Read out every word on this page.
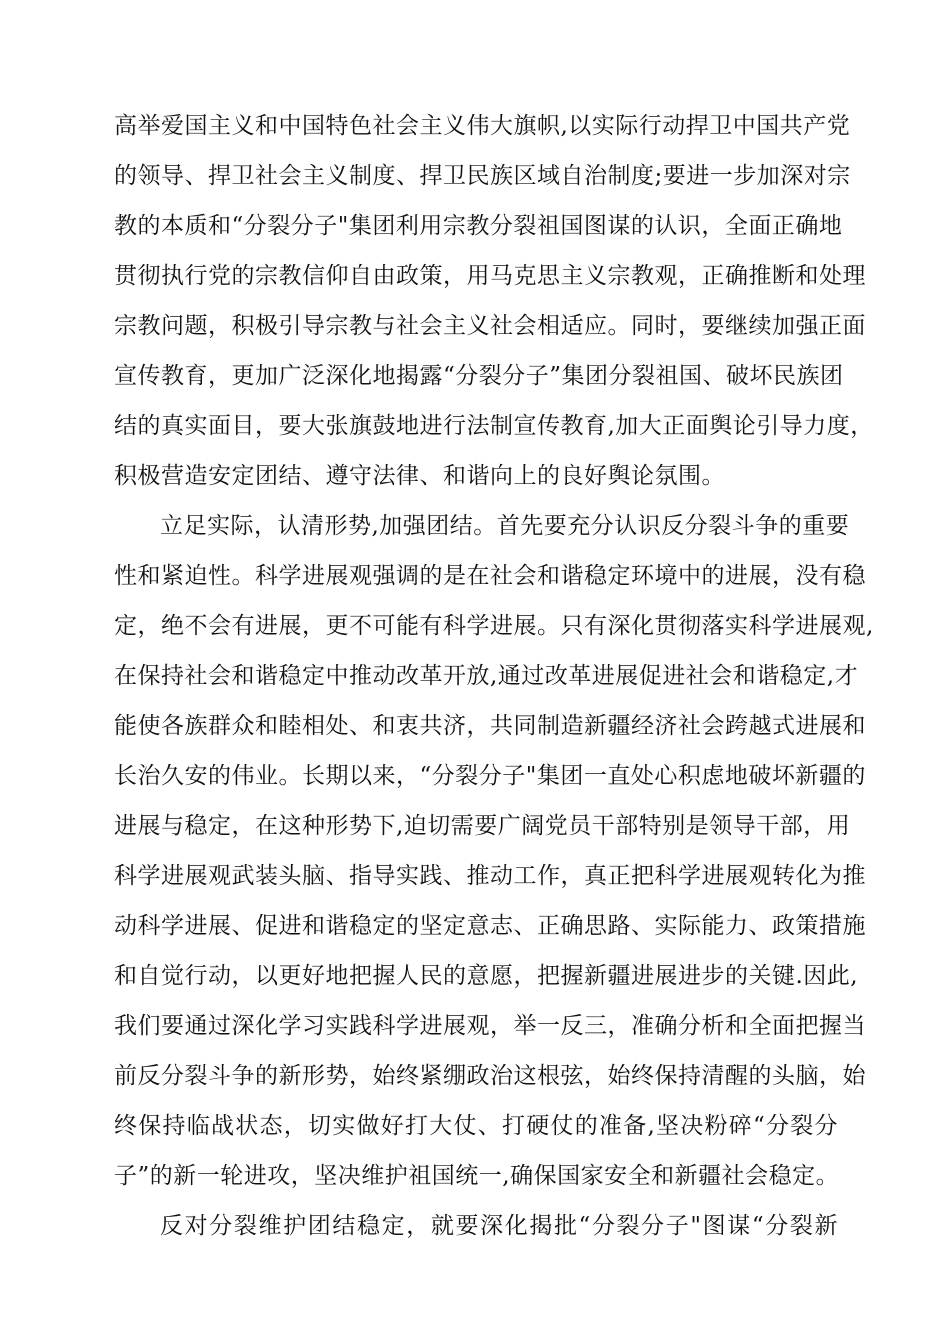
高举爱国主义和中国特色社会主义伟大旗帜,以实际行动捍卫中国共产党
的领导、捍卫社会主义制度、捍卫民族区域自治制度;要进一步加深对宗
教的本质和“分裂分子"集团利用宗教分裂祖国图谋的认识，全面正确地
贯彻执行党的宗教信仰自由政策，用马克思主义宗教观，正确推断和处理
宗教问题，积极引导宗教与社会主义社会相适应。同时，要继续加强正面
宣传教育，更加广泛深化地揭露“分裂分子”集团分裂祖国、破坏民族团
结的真实面目，要大张旗鼓地进行法制宣传教育,加大正面舆论引导力度，
积极营造安定团结、遵守法律、和谐向上的良好舆论氛围。
立足实际，认清形势,加强团结。首先要充分认识反分裂斗争的重要
性和紧迫性。科学进展观强调的是在社会和谐稳定环境中的进展，没有稳
定，绝不会有进展，更不可能有科学进展。只有深化贯彻落实科学进展观,
在保持社会和谐稳定中推动改革开放,通过改革进展促进社会和谐稳定,才
能使各族群众和睦相处、和衷共济，共同制造新疆经济社会跨越式进展和
长治久安的伟业。长期以来，“分裂分子"集团一直处心积虑地破坏新疆的
进展与稳定，在这种形势下,迫切需要广阔党员干部特别是领导干部，用
科学进展观武装头脑、指导实践、推动工作，真正把科学进展观转化为推
动科学进展、促进和谐稳定的坚定意志、正确思路、实际能力、政策措施
和自觉行动，以更好地把握人民的意愿，把握新疆进展进步的关键.因此,
我们要通过深化学习实践科学进展观，举一反三，准确分析和全面把握当
前反分裂斗争的新形势，始终紧绷政治这根弦，始终保持清醒的头脑，始
终保持临战状态，切实做好打大仗、打硬仗的准备,坚决粉碎“分裂分
子”的新一轮进攻，坚决维护祖国统一,确保国家安全和新疆社会稳定。
反对分裂维护团结稳定，就要深化揭批“分裂分子"图谋“分裂新
